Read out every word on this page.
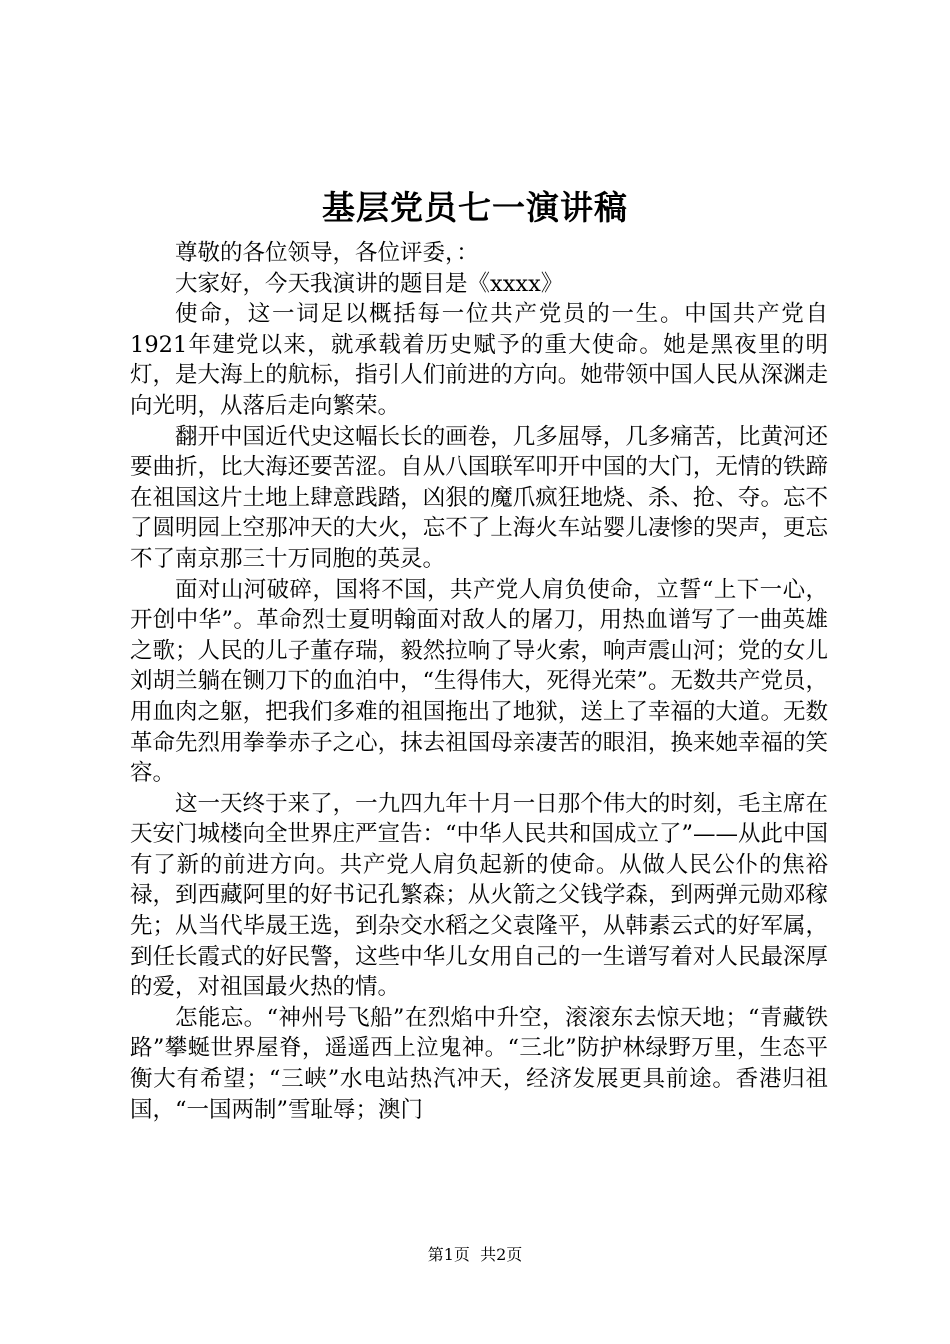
基层党员七一演讲稿

尊敬的各位领导，各位评委，：

大家好，今天我演讲的题目是《xxxx》

使命，这一词足以概括每一位共产党员的一生。中国共产党自1921年建党以来，就承载着历史赋予的重大使命。她是黑夜里的明灯，是大海上的航标，指引人们前进的方向。她带领中国人民从深渊走向光明，从落后走向繁荣。

翻开中国近代史这幅长长的画卷，几多屈辱，几多痛苦，比黄河还要曲折，比大海还要苦涩。自从八国联军叩开中国的大门，无情的铁蹄在祖国这片土地上肆意践踏，凶狠的魔爪疯狂地烧、杀、抢、夺。忘不了圆明园上空那冲天的大火，忘不了上海火车站婴儿凄惨的哭声，更忘不了南京那三十万同胞的英灵。

面对山河破碎，国将不国，共产党人肩负使命，立誓“上下一心，开创中华”。革命烈士夏明翰面对敌人的屠刀，用热血谱写了一曲英雄之歌；人民的儿子董存瑞，毅然拉响了导火索，响声震山河；党的女儿刘胡兰躺在铡刀下的血泊中，“生得伟大，死得光荣”。无数共产党员，用血肉之躯，把我们多难的祖国拖出了地狱，送上了幸福的大道。无数革命先烈用拳拳赤子之心，抹去祖国母亲凄苦的眼泪，换来她幸福的笑容。

这一天终于来了，一九四九年十月一日那个伟大的时刻，毛主席在天安门城楼向全世界庄严宣告：“中华人民共和国成立了”——从此中国有了新的前进方向。共产党人肩负起新的使命。从做人民公仆的焦裕禄，到西藏阿里的好书记孔繁森；从火箭之父钱学森，到两弹元勋邓稼先；从当代毕晟王选，到杂交水稻之父袁隆平，从韩素云式的好军属，到任长霞式的好民警，这些中华儿女用自己的一生谱写着对人民最深厚的爱，对祖国最火热的情。

怎能忘。“神州号飞船”在烈焰中升空，滚滚东去惊天地；“青藏铁路”攀蜒世界屋脊，遥遥西上泣鬼神。“三北”防护林绿野万里，生态平衡大有希望；“三峡”水电站热汽冲天，经济发展更具前途。香港归祖国，“一国两制”雪耻辱；澳门

第1页 共2页
